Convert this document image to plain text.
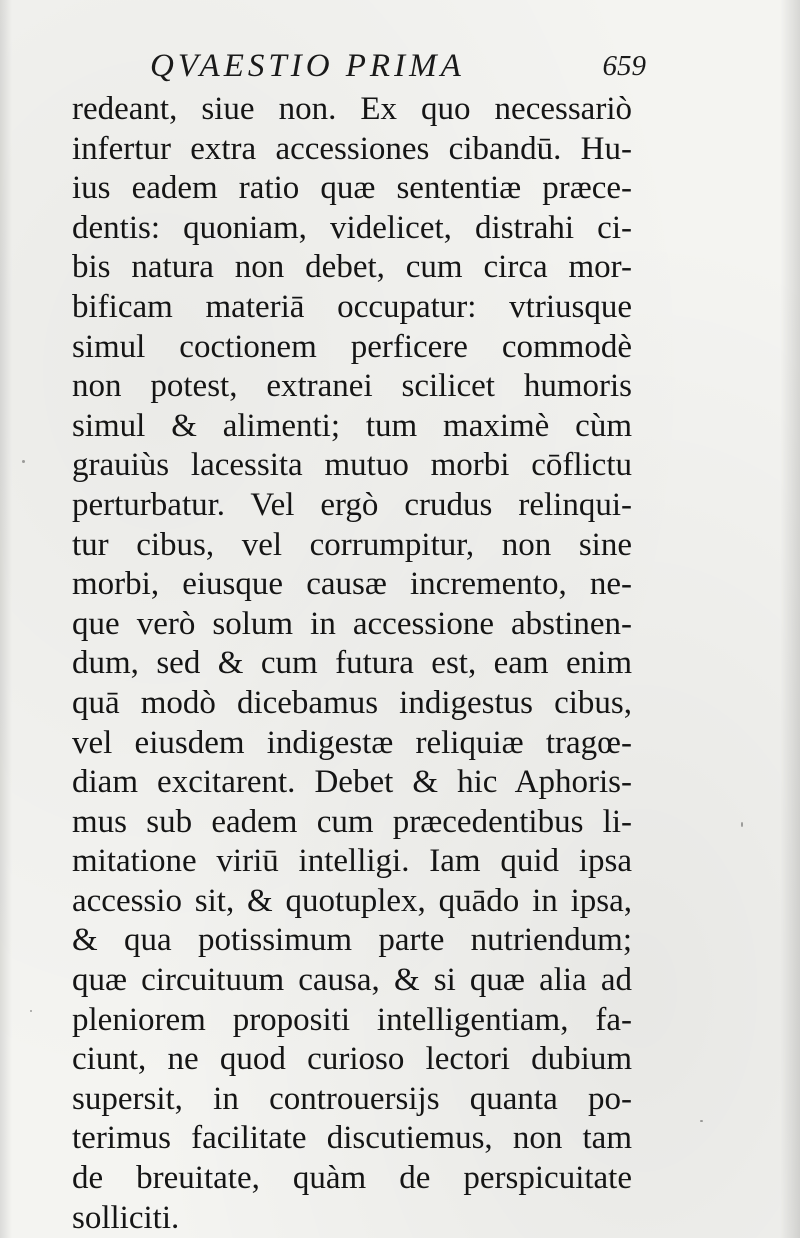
QVAESTIO PRIMA	659
redeant, siue non. Ex quo necessariò
infertur extra accessiones cibandū. Hu-
ius eadem ratio quæ sententiæ præce-
dentis: quoniam, videlicet, distrahi ci-
bis natura non debet, cum circa mor-
bificam materiā occupatur: vtriusque
simul coctionem perficere commodè
non potest, extranei scilicet humoris
simul & alimenti; tum maximè cùm
grauiùs lacessita mutuo morbi cōflictu
perturbatur. Vel ergò crudus relinqui-
tur cibus, vel corrumpitur, non sine
morbi, eiusque causæ incremento, ne-
que verò solum in accessione abstinen-
dum, sed & cum futura est, eam enim
quā modò dicebamus indigestus cibus,
vel eiusdem indigestæ reliquiæ tragœ-
diam excitarent. Debet & hic Aphoris-
mus sub eadem cum præcedentibus li-
mitatione viriū intelligi. Iam quid ipsa
accessio sit, & quotuplex, quādo in ipsa,
& qua potissimum parte nutriendum;
quæ circuituum causa, & si quæ alia ad
pleniorem propositi intelligentiam, fa-
ciunt, ne quod curioso lectori dubium
supersit, in controuersijs quanta po-
terimus facilitate discutiemus, non tam
de breuitate, quàm de perspicuitate
solliciti.
